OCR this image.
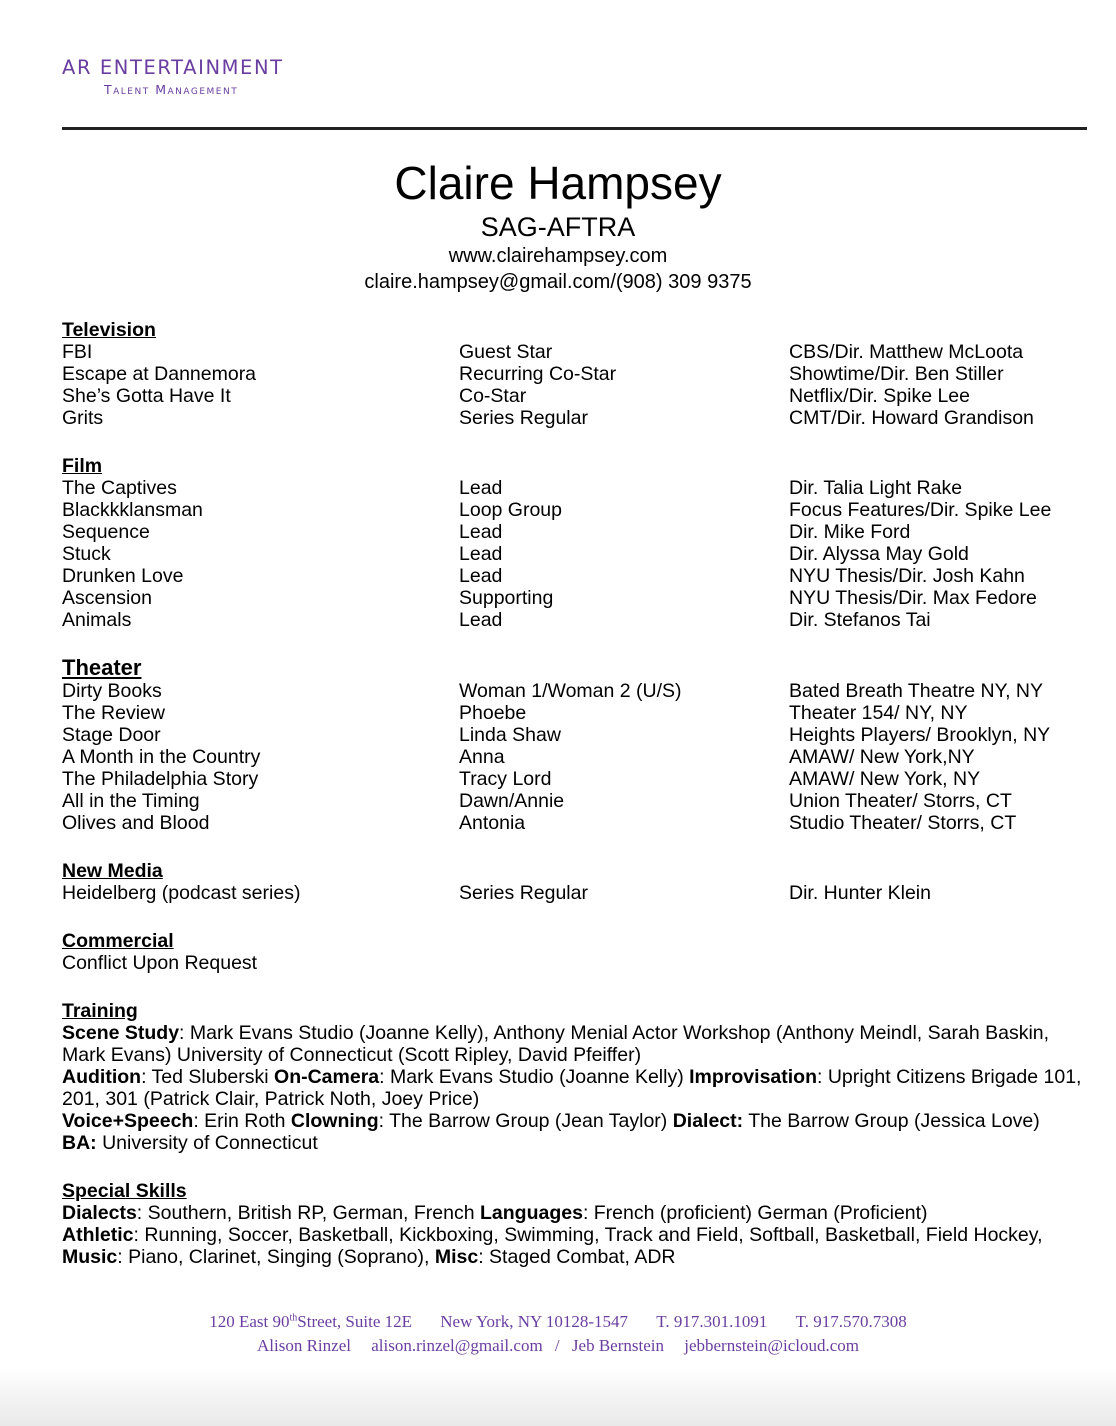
AR ENTERTAINMENT
Talent Management
Claire Hampsey
SAG-AFTRA
www.clairehampsey.com
claire.hampsey@gmail.com/(908) 309 9375
Television
FBI	Guest Star	CBS/Dir. Matthew McLoota
Escape at Dannemora	Recurring Co-Star	Showtime/Dir. Ben Stiller
She’s Gotta Have It	Co-Star	Netflix/Dir. Spike Lee
Grits	Series Regular	CMT/Dir. Howard Grandison
Film
The Captives	Lead	Dir. Talia Light Rake
Blackkklansman	Loop Group	Focus Features/Dir. Spike Lee
Sequence	Lead	Dir. Mike Ford
Stuck	Lead	Dir. Alyssa May Gold
Drunken Love	Lead	NYU Thesis/Dir. Josh Kahn
Ascension	Supporting	NYU Thesis/Dir. Max Fedore
Animals	Lead	Dir. Stefanos Tai
Theater
Dirty Books	Woman 1/Woman 2 (U/S)	Bated Breath Theatre NY, NY
The Review	Phoebe	Theater 154/ NY, NY
Stage Door	Linda Shaw	Heights Players/ Brooklyn, NY
A Month in the Country	Anna	AMAW/ New York,NY
The Philadelphia Story	Tracy Lord	AMAW/ New York, NY
All in the Timing	Dawn/Annie	Union Theater/ Storrs, CT
Olives and Blood	Antonia	Studio Theater/ Storrs, CT
New Media
Heidelberg (podcast series)	Series Regular	Dir. Hunter Klein
Commercial
Conflict Upon Request
Training
Scene Study: Mark Evans Studio (Joanne Kelly), Anthony Menial Actor Workshop (Anthony Meindl, Sarah Baskin, Mark Evans) University of Connecticut (Scott Ripley, David Pfeiffer)
Audition: Ted Sluberski On-Camera: Mark Evans Studio (Joanne Kelly) Improvisation: Upright Citizens Brigade 101, 201, 301 (Patrick Clair, Patrick Noth, Joey Price)
Voice+Speech: Erin Roth Clowning: The Barrow Group (Jean Taylor) Dialect: The Barrow Group (Jessica Love)
BA: University of Connecticut
Special Skills
Dialects: Southern, British RP, German, French Languages: French (proficient) German (Proficient)
Athletic: Running, Soccer, Basketball, Kickboxing, Swimming, Track and Field, Softball, Basketball, Field Hockey,
Music: Piano, Clarinet, Singing (Soprano), Misc: Staged Combat, ADR
120 East 90thStreet, Suite 12E New York, NY 10128-1547 T. 917.301.1091 T. 917.570.7308
Alison Rinzel alison.rinzel@gmail.com / Jeb Bernstein jebbernstein@icloud.com
